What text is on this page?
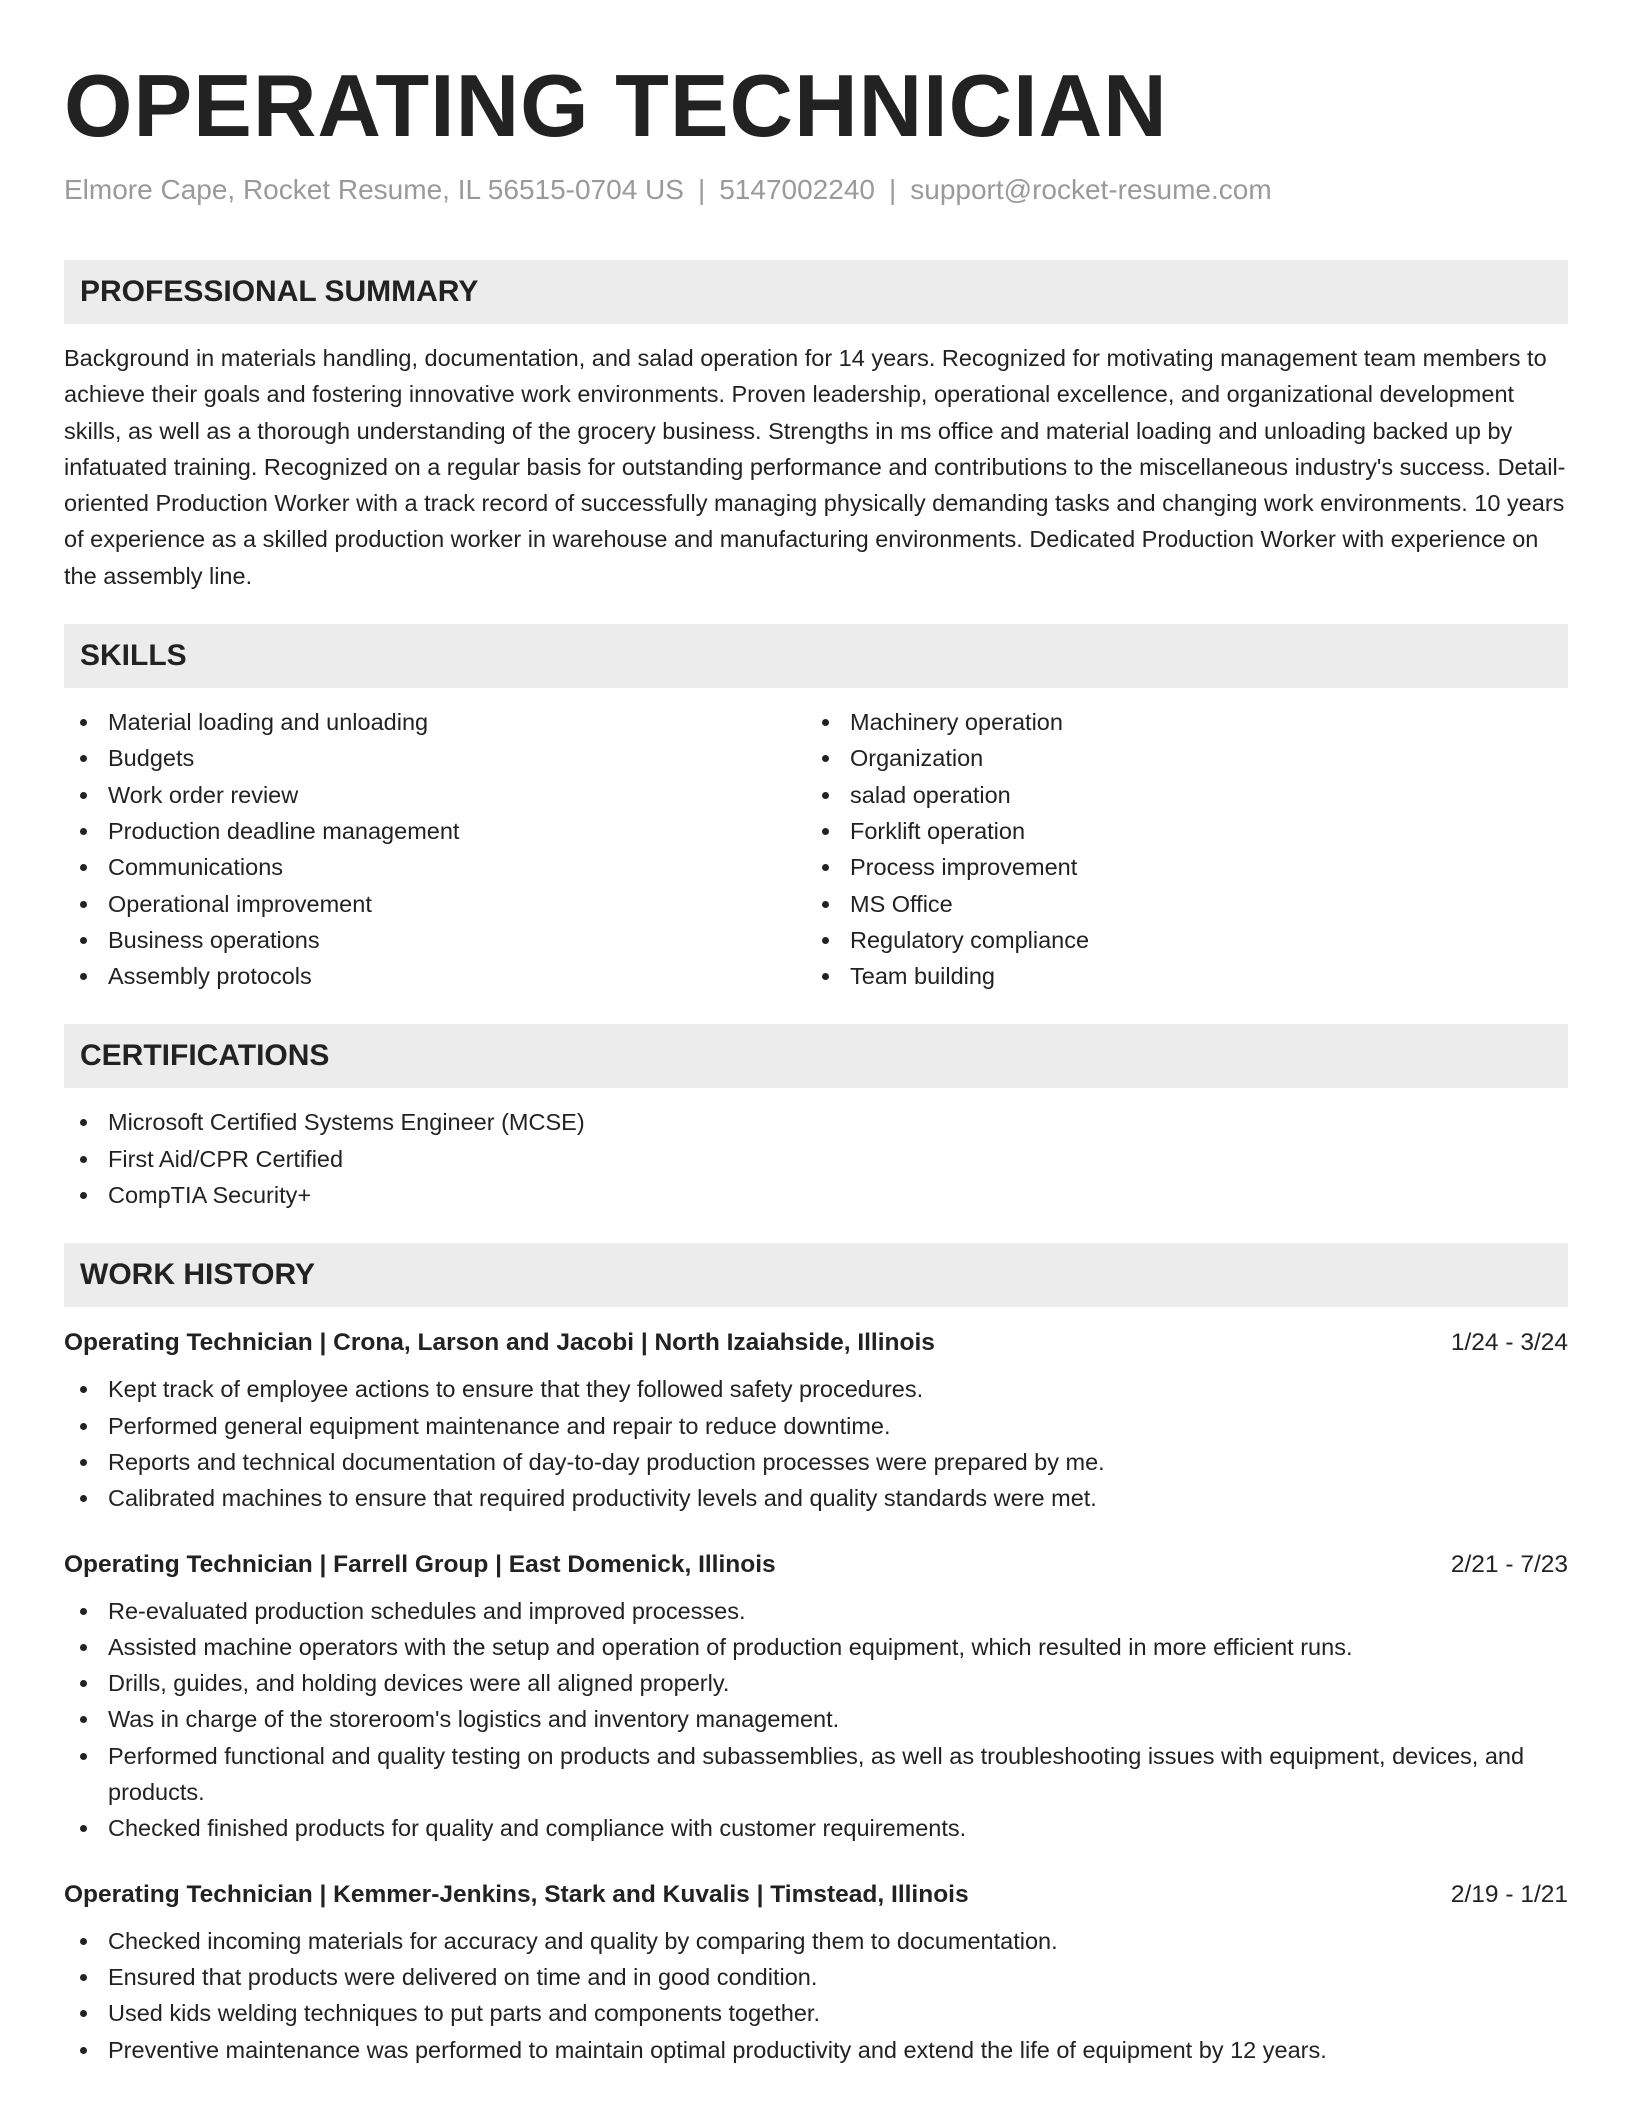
OPERATING TECHNICIAN
Elmore Cape, Rocket Resume, IL 56515-0704 US | 5147002240 | support@rocket-resume.com
PROFESSIONAL SUMMARY

Background in materials handling, documentation, and salad operation for 14 years. Recognized for motivating management team members to achieve their goals and fostering innovative work environments. Proven leadership, operational excellence, and organizational development skills, as well as a thorough understanding of the grocery business. Strengths in ms office and material loading and unloading backed up by infatuated training. Recognized on a regular basis for outstanding performance and contributions to the miscellaneous industry's success. Detail-oriented Production Worker with a track record of successfully managing physically demanding tasks and changing work environments. 10 years of experience as a skilled production worker in warehouse and manufacturing environments. Dedicated Production Worker with experience on the assembly line.

SKILLS
Material loading and unloading
Budgets
Work order review
Production deadline management
Communications
Operational improvement
Business operations
Assembly protocols
Machinery operation
Organization
salad operation
Forklift operation
Process improvement
MS Office
Regulatory compliance
Team building
CERTIFICATIONS
Microsoft Certified Systems Engineer (MCSE)
First Aid/CPR Certified
CompTIA Security+
WORK HISTORY
Operating Technician | Crona, Larson and Jacobi | North Izaiahside, Illinois	1/24 - 3/24
Kept track of employee actions to ensure that they followed safety procedures.
Performed general equipment maintenance and repair to reduce downtime.
Reports and technical documentation of day-to-day production processes were prepared by me.
Calibrated machines to ensure that required productivity levels and quality standards were met.
Operating Technician | Farrell Group | East Domenick, Illinois	2/21 - 7/23
Re-evaluated production schedules and improved processes.
Assisted machine operators with the setup and operation of production equipment, which resulted in more efficient runs.
Drills, guides, and holding devices were all aligned properly.
Was in charge of the storeroom's logistics and inventory management.
Performed functional and quality testing on products and subassemblies, as well as troubleshooting issues with equipment, devices, and products.
Checked finished products for quality and compliance with customer requirements.
Operating Technician | Kemmer-Jenkins, Stark and Kuvalis | Timstead, Illinois	2/19 - 1/21
Checked incoming materials for accuracy and quality by comparing them to documentation.
Ensured that products were delivered on time and in good condition.
Used kids welding techniques to put parts and components together.
Preventive maintenance was performed to maintain optimal productivity and extend the life of equipment by 12 years.
